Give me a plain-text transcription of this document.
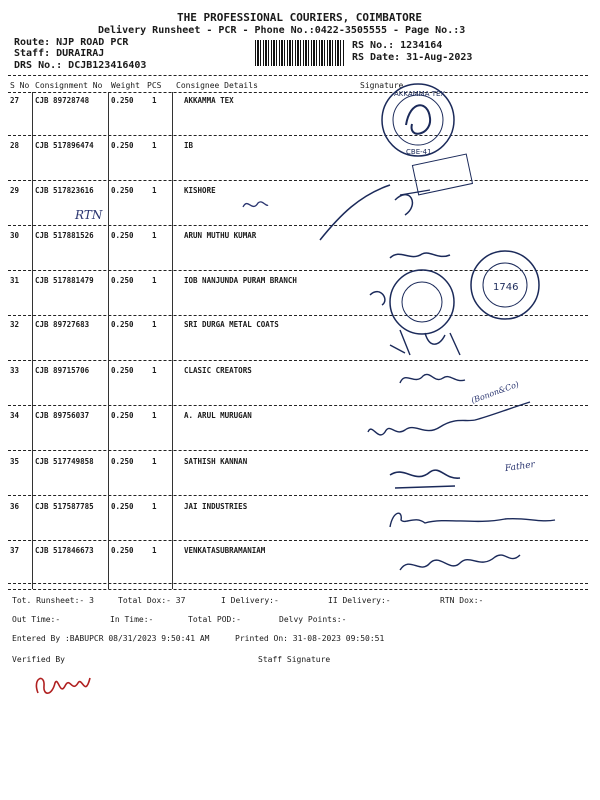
THE PROFESSIONAL COURIERS, COIMBATORE
Delivery Runsheet - PCR - Phone No.:0422-3505555 - Page No.:3
Route: NJP ROAD PCR
Staff: DURAIRAJ
DRS No.: DCJB123416403
RS No.: 1234164
RS Date: 31-Aug-2023
S No Consignment No Weight PCS Consignee Details	Signature
27 CJB 89728748	0.250 1	AKKAMMA TEX
28 CJB 517896474 0.250 1	IB
29 CJB 517823616 0.250 1	KISHORE
30 CJB 517881526 0.250 1	ARUN MUTHU KUMAR
31 CJB 517881479 0.250 1	IOB NANJUNDA PURAM BRANCH
32 CJB 89727683	0.250 1	SRI DURGA METAL COATS
33 CJB 89715706	0.250 1	CLASIC CREATORS
34 CJB 89756037	0.250 1	A. ARUL MURUGAN
35 CJB 517749858 0.250 1	SATHISH KANNAN
36 CJB 517587785 0.250 1	JAI INDUSTRIES
37 CJB 517846673 0.250 1	VENKATASUBRAMANIAM
Tot. Runsheet:- 3	Total Dox:- 37	I Delivery:-	II Delivery:-	RTN Dox:-
Out Time:-	In Time:-	Total POD:-	Delvy Points:-
Entered By :BABUPCR 08/31/2023 9:50:41 AM	Printed On: 31-08-2023 09:50:51
Verified By	Staff Signature
AKKAMMA TEX
CBE-41
RTN
1746
(Bonon&Co)
Father
